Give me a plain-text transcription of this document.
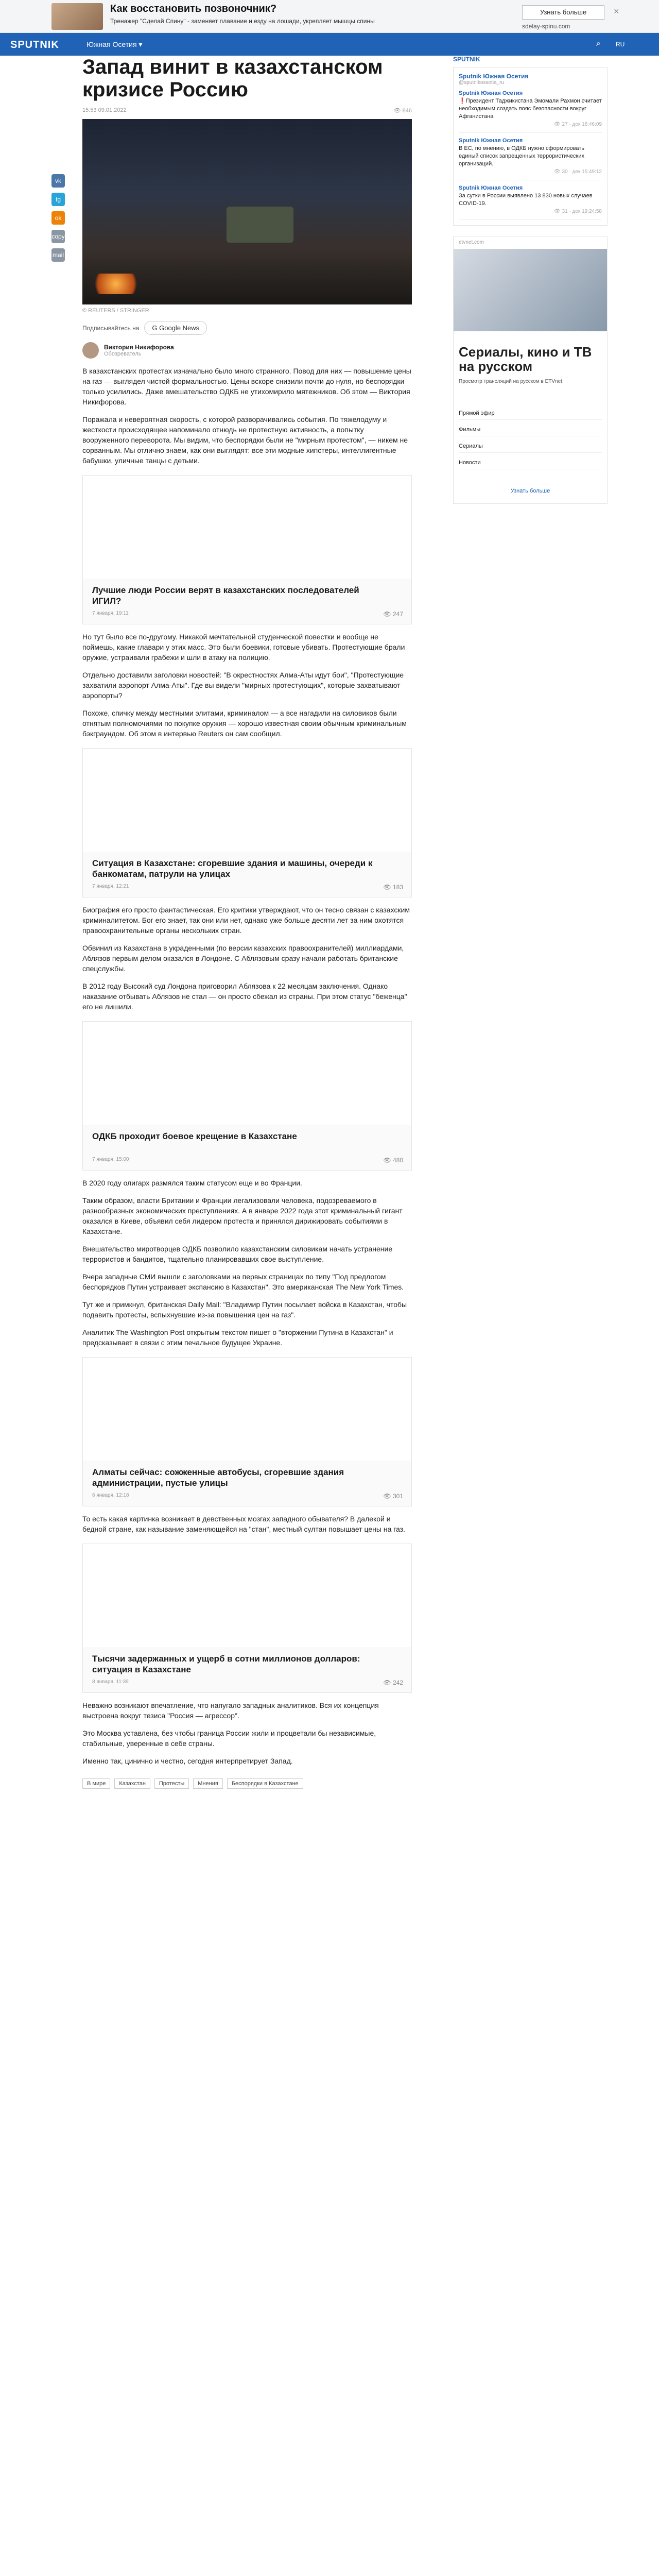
Как восстановить позвоночник?
Тренажер "Сделай Спину" - заменяет плавание и езду на лошади, укрепляет мышцы спины
Узнать больше
sdelay-spinu.com
×
SPUTNIK	Южная Осетия ▾	⌕ RU
Запад винит в казахстанском кризисе Россию
15:53 09.01.2022	👁 846
vk
tg
ok
copy
mail
© REUTERS / STRINGER
Подписывайтесь на	G Google News
Виктория Никифорова
Обозреватель

В казахстанских протестах изначально было много странного. Повод для них — повышение цены на газ — выглядел чистой формальностью. Цены вскоре снизили почти до нуля, но беспорядки только усилились. Даже вмешательство ОДКБ не утихомирило мятежников. Об этом — Виктория Никифорова.

Поражала и невероятная скорость, с которой разворачивались события. По тяжелодуму и жесткости происходящее напоминало отнюдь не протестную активность, а попытку вооруженного переворота. Мы видим, что беспорядки были не "мирным протестом", — никем не сорванным. Мы отлично знаем, как они выглядят: все эти модные хипстеры, интеллигентные бабушки, уличные танцы с детьми.

Лучшие люди России верят в казахстанских последователей ИГИЛ?
7 января, 19:11	👁 247

Но тут было все по-другому. Никакой мечтательной студенческой повестки и вообще не поймешь, какие главари у этих масс. Это были боевики, готовые убивать. Протестующие брали оружие, устраивали грабежи и шли в атаку на полицию.

Отдельно доставили заголовки новостей: "В окрестностях Алма-Аты идут бои", "Протестующие захватили аэропорт Алма-Аты". Где вы видели "мирных протестующих", которые захватывают аэропорты?

Похоже, спичку между местными элитами, криминалом — а все нагадили на силовиков были отнятым полномочиями по покупке оружия — хорошо известная своим обычным криминальным бэкграундом. Об этом в интервью Reuters он сам сообщил.

Ситуация в Казахстане: сгоревшие здания и машины, очереди к банкоматам, патрули на улицах
7 января, 12:21	👁 183

Биография его просто фантастическая. Его критики утверждают, что он тесно связан с казахским криминалитетом. Бог его знает, так они или нет, однако уже больше десяти лет за ним охотятся правоохранительные органы нескольких стран.

Обвинил из Казахстана в украденными (по версии казахских правоохранителей) миллиардами, Аблязов первым делом оказался в Лондоне. С Аблязовым сразу начали работать британские спецслужбы.

В 2012 году Высокий суд Лондона приговорил Аблязова к 22 месяцам заключения. Однако наказание отбывать Аблязов не стал — он просто сбежал из страны. При этом статус "беженца" его не лишили.

ОДКБ проходит боевое крещение в Казахстане
7 января, 15:00	👁 480

В 2020 году олигарх размялся таким статусом еще и во Франции.

Таким образом, власти Британии и Франции легализовали человека, подозреваемого в разнообразных экономических преступлениях. А в январе 2022 года этот криминальный гигант оказался в Киеве, объявил себя лидером протеста и принялся дирижировать событиями в Казахстане.

Внешательство миротворцев ОДКБ позволило казахстанским силовикам начать устранение террористов и бандитов, тщательно планировавших свое выступление.

Вчера западные СМИ вышли с заголовками на первых страницах по типу "Под предлогом беспорядков Путин устраивает экспансию в Казахстан". Это американская The New York Times.

Тут же и примкнул, британская Daily Mail: "Владимир Путин посылает войска в Казахстан, чтобы подавить протесты, вспыхнувшие из-за повышения цен на газ".

Аналитик The Washington Post открытым текстом пишет о "вторжении Путина в Казахстан" и предсказывает в связи с этим печальное будущее Украине.

Алматы сейчас: сожженные автобусы, сгоревшие здания администрации, пустые улицы
6 января, 12:18	👁 301

То есть какая картинка возникает в девственных мозгах западного обывателя? В далекой и бедной стране, как называние заменяющейся на "стан", местный султан повышает цены на газ.

Тысячи задержанных и ущерб в сотни миллионов долларов: ситуация в Казахстане
8 января, 11:39	👁 242

Неважно возникают впечатление, что напугало западных аналитиков. Вся их концепция выстроена вокруг тезиса "Россия — агрессор".

Это Москва уставлена, без чтобы граница России жили и процветали бы независимые, стабильные, уверенные в себе страны.

Именно так, цинично и честно, сегодня интерпретирует Запад.

В мире	Казахстан	Протесты	Мнения	Беспорядки в Казахстане
SPUTNIK
Sputnik Южная Осетия
@sputnikossetia_ru
Sputnik Южная Осетия
❗️Президент Таджикистана Эмомали Рахмон считает необходимым создать пояс безопасности вокруг Афганистана
👁 27 · дек 18:46:09
Sputnik Южная Осетия
В ЕС, по мнению, в ОДКБ нужно сформировать единый список запрещенных террористических организаций.
👁 30 · дек 15:49:12
Sputnik Южная Осетия
За сутки в России выявлено 13 830 новых случаев COVID-19.
👁 31 · дек 19:24:58
etvnet.com
Сериалы, кино и ТВ на русском
Просмотр трансляций на русском в ETVnet.
Прямой эфир
Фильмы
Сериалы
Новости
Узнать больше
